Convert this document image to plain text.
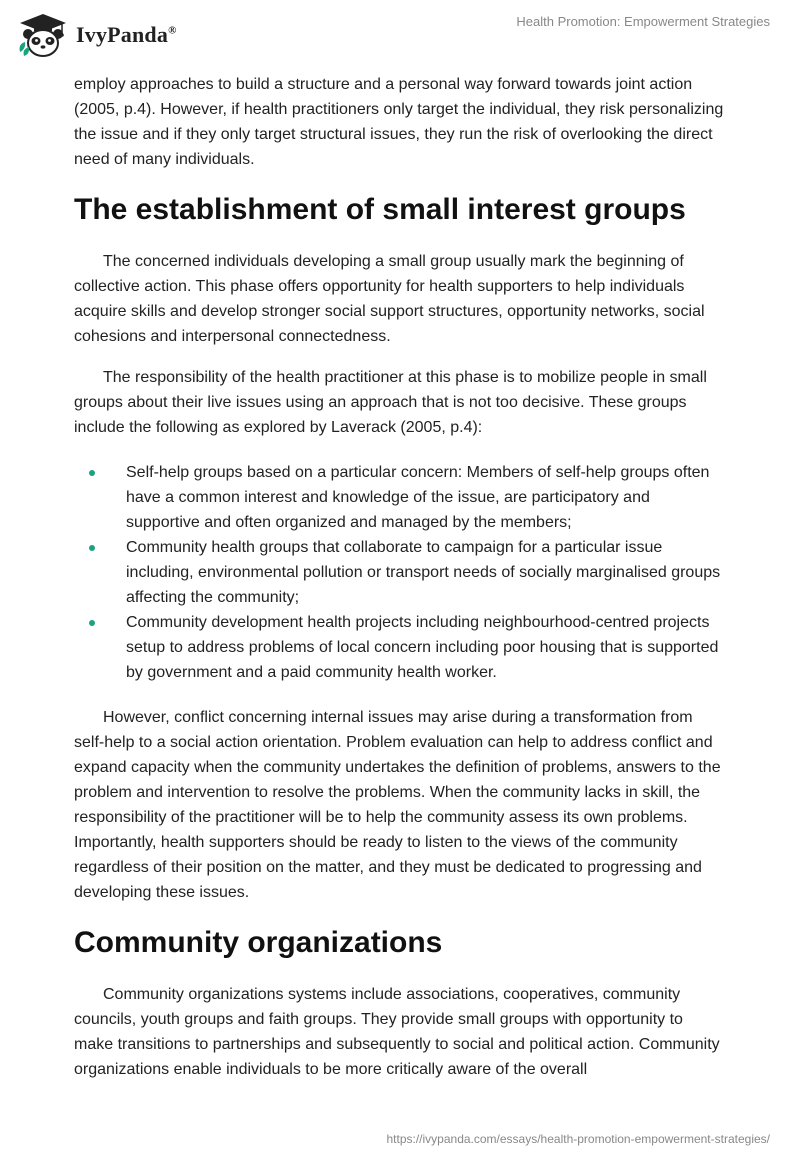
IvyPanda®
Health Promotion: Empowerment Strategies

employ approaches to build a structure and a personal way forward towards joint action (2005, p.4). However, if health practitioners only target the individual, they risk personalizing the issue and if they only target structural issues, they run the risk of overlooking the direct need of many individuals.

The establishment of small interest groups

The concerned individuals developing a small group usually mark the beginning of collective action. This phase offers opportunity for health supporters to help individuals acquire skills and develop stronger social support structures, opportunity networks, social cohesions and interpersonal connectedness.

The responsibility of the health practitioner at this phase is to mobilize people in small groups about their live issues using an approach that is not too decisive. These groups include the following as explored by Laverack (2005, p.4):

Self-help groups based on a particular concern: Members of self-help groups often have a common interest and knowledge of the issue, are participatory and supportive and often organized and managed by the members;
Community health groups that collaborate to campaign for a particular issue including, environmental pollution or transport needs of socially marginalised groups affecting the community;
Community development health projects including neighbourhood-centred projects setup to address problems of local concern including poor housing that is supported by government and a paid community health worker.

However, conflict concerning internal issues may arise during a transformation from self-help to a social action orientation. Problem evaluation can help to address conflict and expand capacity when the community undertakes the definition of problems, answers to the problem and intervention to resolve the problems. When the community lacks in skill, the responsibility of the practitioner will be to help the community assess its own problems. Importantly, health supporters should be ready to listen to the views of the community regardless of their position on the matter, and they must be dedicated to progressing and developing these issues.

Community organizations

Community organizations systems include associations, cooperatives, community councils, youth groups and faith groups. They provide small groups with opportunity to make transitions to partnerships and subsequently to social and political action. Community organizations enable individuals to be more critically aware of the overall

https://ivypanda.com/essays/health-promotion-empowerment-strategies/
